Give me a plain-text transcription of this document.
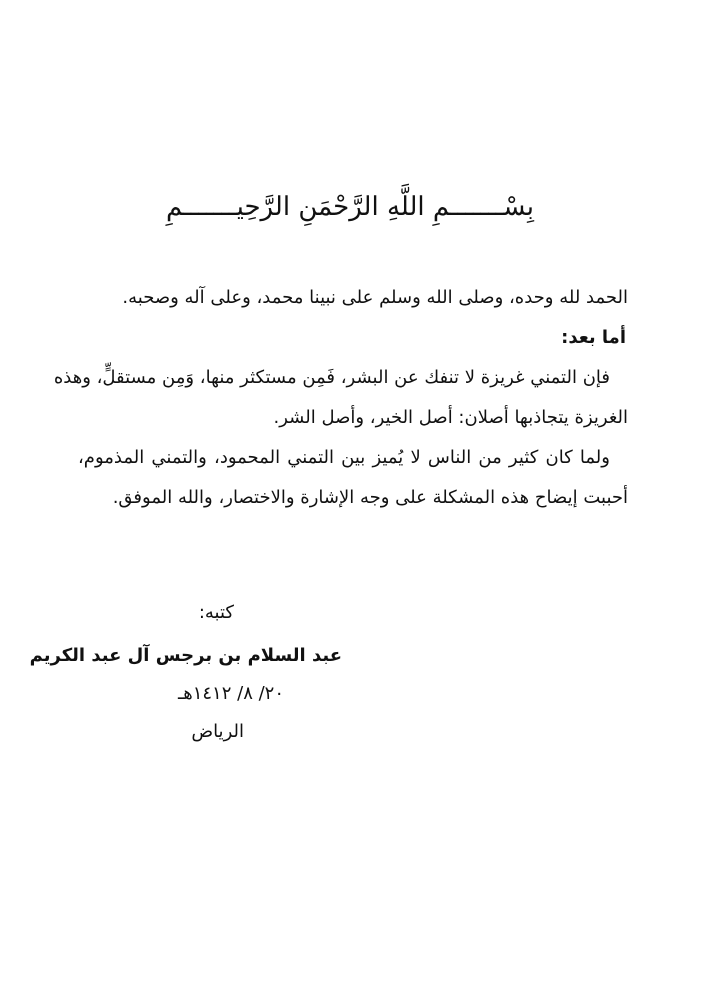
بِسْـــــــمِ اللَّهِ الرَّحْمَنِ الرَّحِيـــــــمِ
الحمد لله وحده، وصلى الله وسلم على نبينا محمد، وعلى آله وصحبه.
أما بعد:
فإن التمني غريزة لا تنفك عن البشر، فَمِن مستكثر منها، وَمِن مستقلٍّ، وهذه
الغريزة يتجاذبها أصلان: أصل الخير، وأصل الشر.
ولما كان كثير من الناس لا يُميز بين التمني المحمود، والتمني المذموم،
أحببت إيضاح هذه المشكلة على وجه الإشارة والاختصار، والله الموفق.
كتبه:
عبد السلام بن برجس آل عبد الكريم
٢٠/ ٨/ ١٤١٢هـ
الرياض
